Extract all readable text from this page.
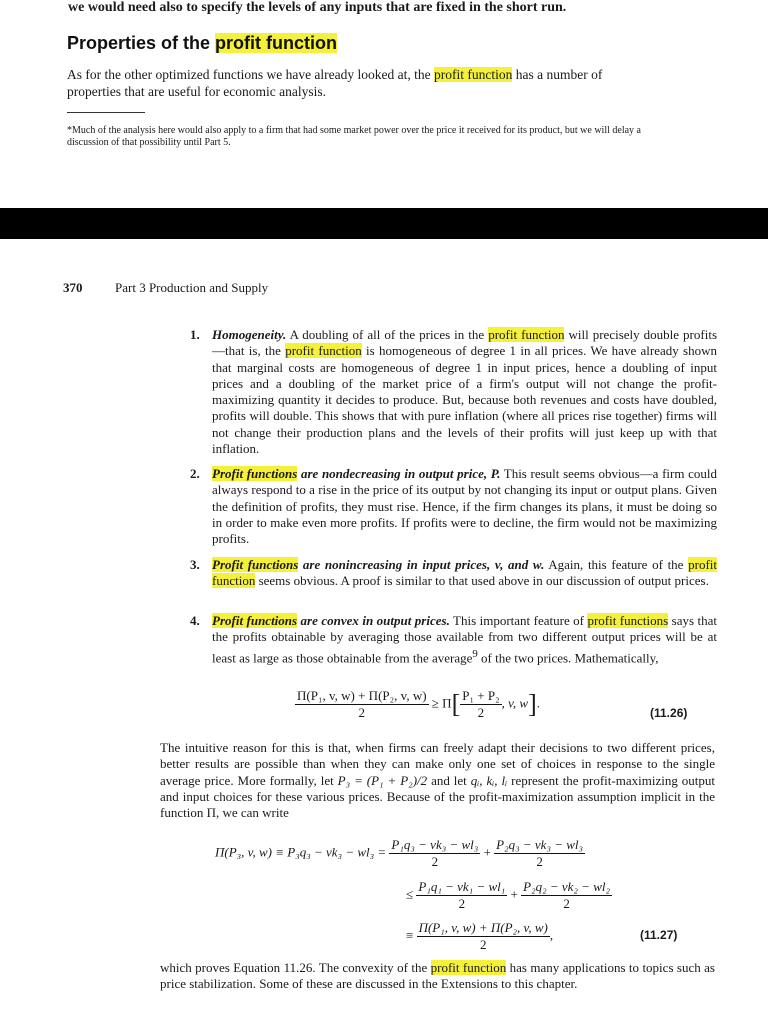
we would need also to specify the levels of any inputs that are fixed in the short run.

Properties of the profit function

As for the other optimized functions we have already looked at, the profit function has a number of properties that are useful for economic analysis.

*Much of the analysis here would also apply to a firm that had some market power over the price it received for its product, but we will delay a discussion of that possibility until Part 5.

370	Part 3 Production and Supply
1. Homogeneity. A doubling of all of the prices in the profit function will precisely double profits—that is, the profit function is homogeneous of degree 1 in all prices. We have already shown that marginal costs are homogeneous of degree 1 in input prices, hence a doubling of input prices and a doubling of the market price of a firm's output will not change the profit-maximizing quantity it decides to produce. But, because both revenues and costs have doubled, profits will double. This shows that with pure inflation (where all prices rise together) firms will not change their production plans and the levels of their profits will just keep up with that inflation.
2. Profit functions are nondecreasing in output price, P. This result seems obvious—a firm could always respond to a rise in the price of its output by not changing its input or output plans. Given the definition of profits, they must rise. Hence, if the firm changes its plans, it must be doing so in order to make even more profits. If profits were to decline, the firm would not be maximizing profits.
3. Profit functions are nonincreasing in input prices, v, and w. Again, this feature of the profit function seems obvious. A proof is similar to that used above in our discussion of output prices.
4. Profit functions are convex in output prices. This important feature of profit functions says that the profits obtainable by averaging those available from two different output prices will be at least as large as those obtainable from the average$^9$ of the two prices. Mathematically,
$\frac{\text{Π(P₁, v, w) + Π(P₂, v, w)}}{2} \ge \Pi[ \frac{\text{P₁ + P₂}}{2}$ , v, w].
(11.26)

The intuitive reason for this is that, when firms can freely adapt their decisions to two different prices, better results are possible than when they can make only one set of choices in response to the single average price. More formally, let P₃ = (P₁ + P₂)/2 and let qᵢ, kᵢ, lᵢ represent the profit-maximizing output and input choices for these various prices. Because of the profit-maximization assumption implicit in the function Π, we can write

Π(P₃, v, $w) \equiv P_3q_3 - vk_3 - wl_3 = \frac{\text{P₁q₃ − vk₃ − wl₃}}{2} + \frac{\text{P₂q₃ − vk₃ − wl₃}}{2}$
≤ $\frac{\text{P₁q₁ − vk₁ − wl₁}}{2} + \frac{\text{P₂q₂ − vk₂ − wl₂}}{2}$
≡ $\frac{\text{Π(P₁, v, w) + Π(P₂, v, w)}}{2}$ ,	(11.27)

which proves Equation 11.26. The convexity of the profit function has many applications to topics such as price stabilization. Some of these are discussed in the Extensions to this chapter.
